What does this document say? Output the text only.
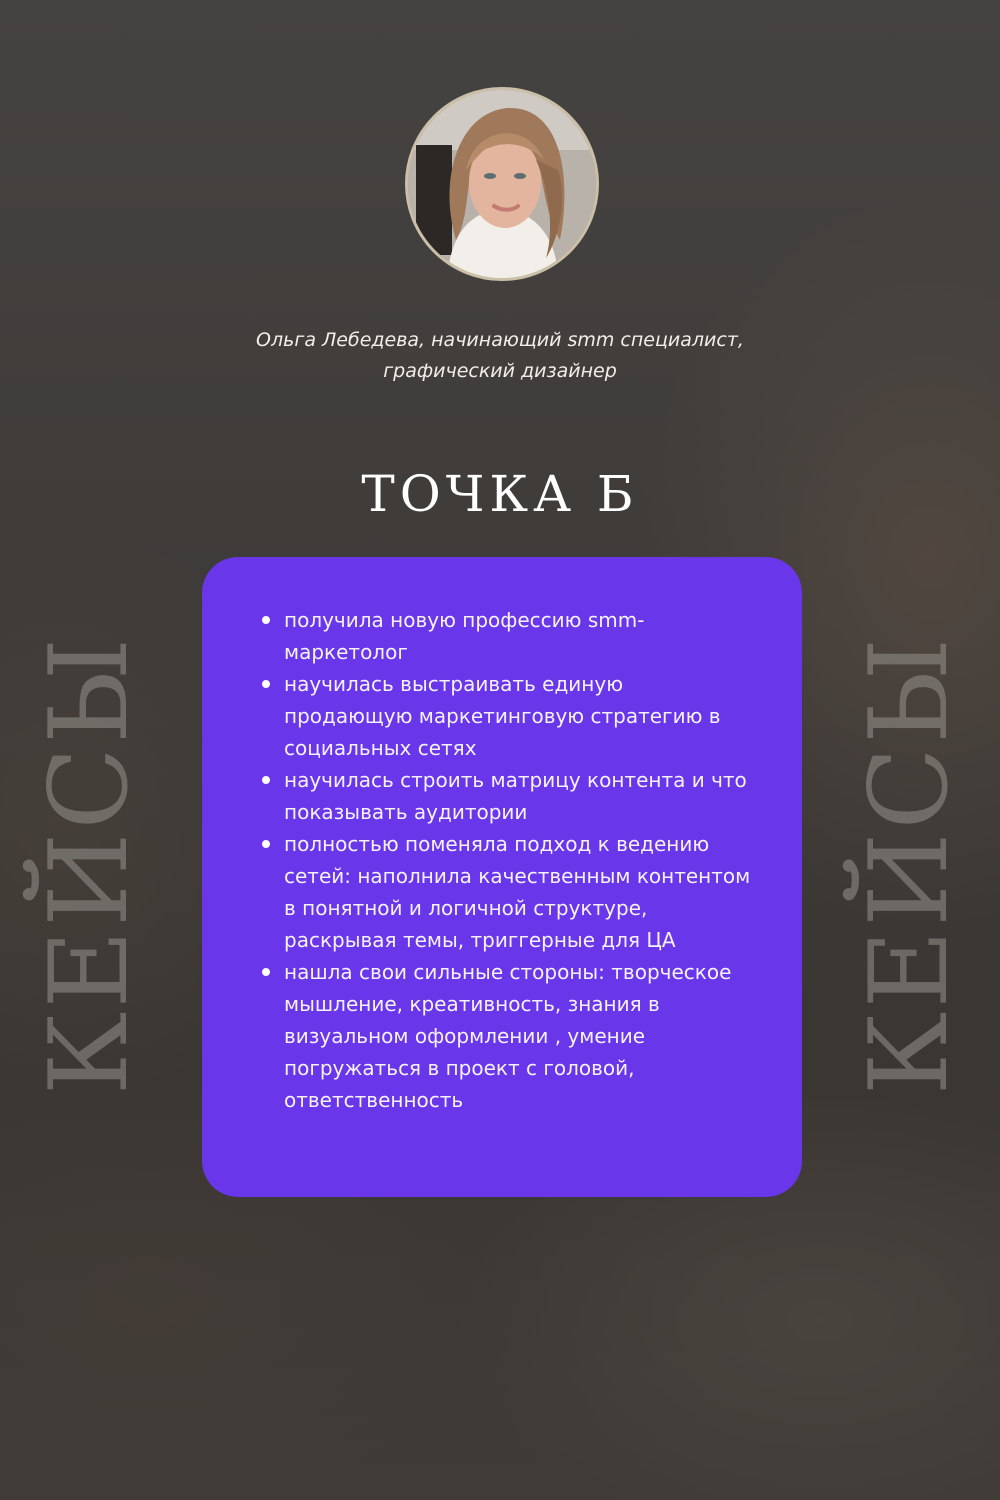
КЕЙСЫ	КЕЙСЫ
Ольга Лебедева, начинающий smm специалист,
графический дизайнер
ТОЧКА Б
получила новую профессию smm-маркетолог
научилась выстраивать единую продающую маркетинговую стратегию в социальных сетях
научилась строить матрицу контента и что показывать аудитории
полностью поменяла подход к ведению сетей: наполнила качественным контентом в понятной и логичной структуре, раскрывая темы, триггерные для ЦА
нашла свои сильные стороны: творческое мышление, креативность, знания в визуальном оформлении , умение погружаться в проект с головой, ответственность
